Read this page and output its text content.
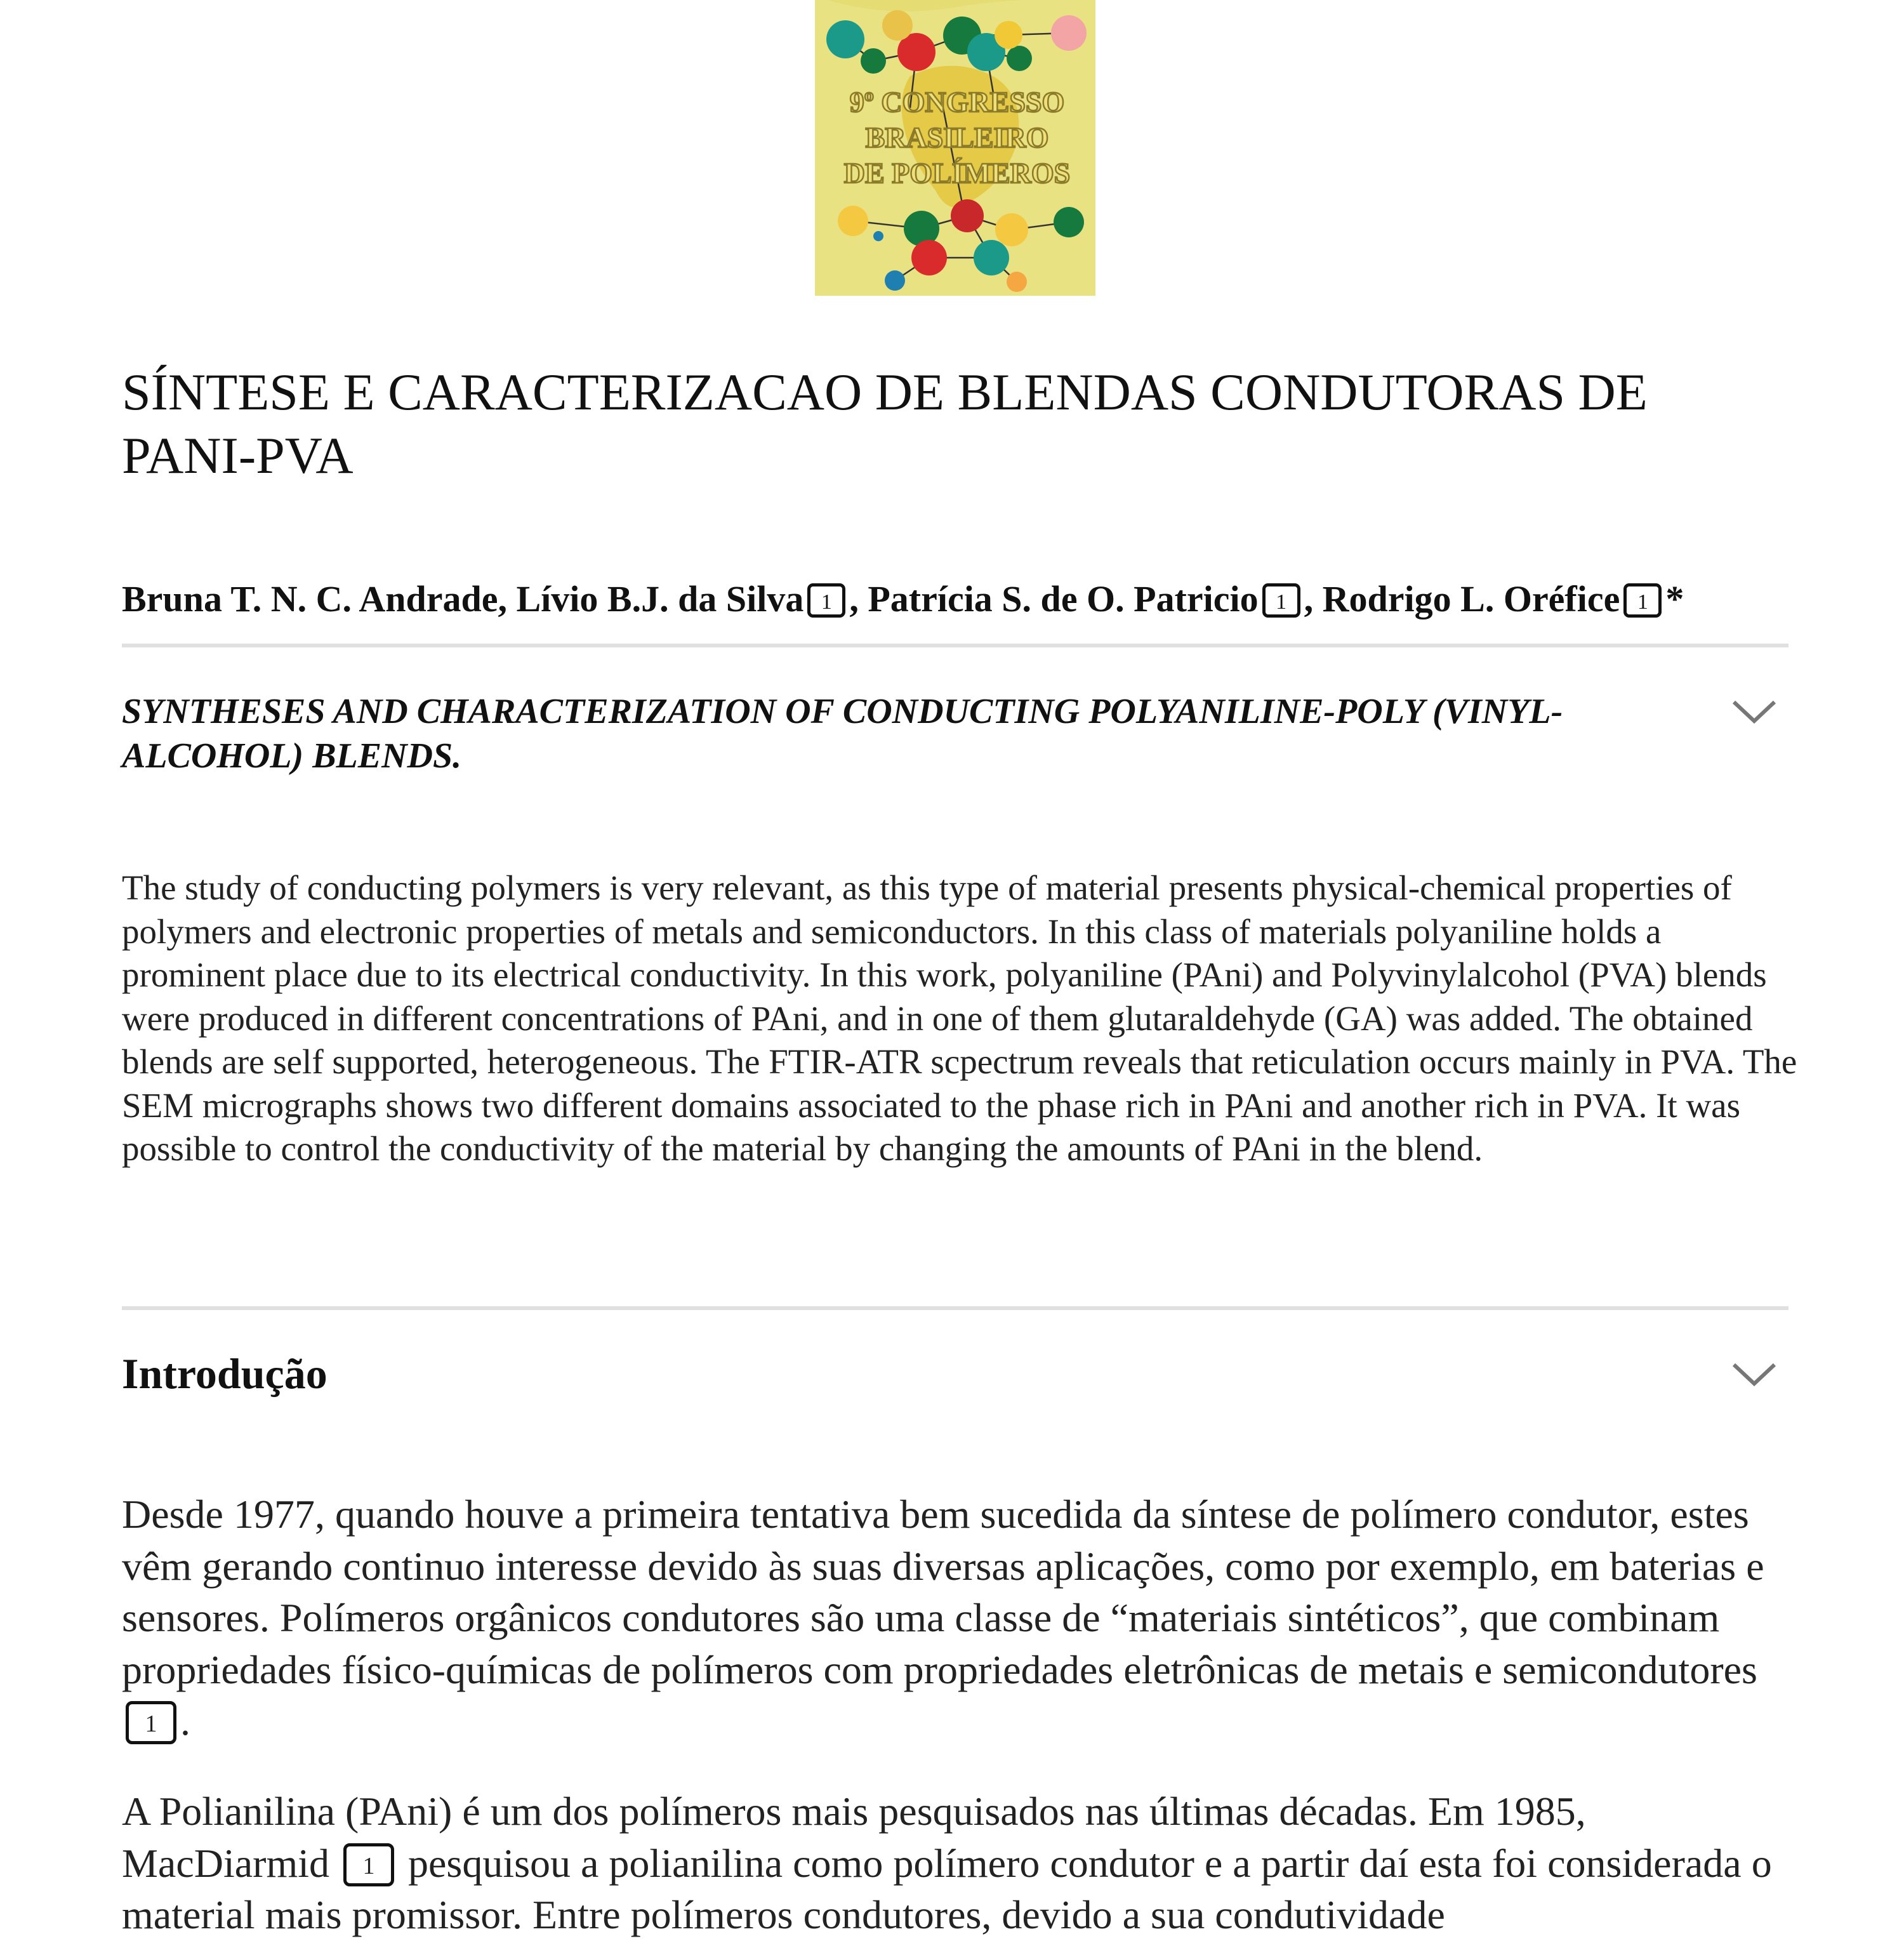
9º CONGRESSO
BRASILEIRO
DE POLÍMEROS
SÍNTESE E CARACTERIZACAO DE BLENDAS CONDUTORAS DE PANI-PVA
Bruna T. N. C. Andrade, Lívio B.J. da Silva 1 , Patrícia S. de O. Patricio 1 , Rodrigo L. Oréfice 1 *

SYNTHESES AND CHARACTERIZATION OF CONDUCTING POLYANILINE-POLY (VINYL-ALCOHOL) BLENDS.

The study of conducting polymers is very relevant, as this type of material presents physical-chemical properties of polymers and electronic properties of metals and semiconductors. In this class of materials polyaniline holds a prominent place due to its electrical conductivity. In this work, polyaniline (PAni) and Polyvinylalcohol (PVA) blends were produced in different concentrations of PAni, and in one of them glutaraldehyde (GA) was added. The obtained blends are self supported, heterogeneous. The FTIR-ATR scpectrum reveals that reticulation occurs mainly in PVA. The SEM micrographs shows two different domains associated to the phase rich in PAni and another rich in PVA. It was possible to control the conductivity of the material by changing the amounts of PAni in the blend.

Introdução

Desde 1977, quando houve a primeira tentativa bem sucedida da síntese de polímero condutor, estes vêm gerando continuo interesse devido às suas diversas aplicações, como por exemplo, em baterias e sensores. Polímeros orgânicos condutores são uma classe de “materiais sintéticos”, que combinam propriedades físico-químicas de polímeros com propriedades eletrônicas de metais e semicondutores1 .

A Polianilina (PAni) é um dos polímeros mais pesquisados nas últimas décadas. Em 1985, MacDiarmid 1 pesquisou a polianilina como polímero condutor e a partir daí esta foi considerada o material mais promissor. Entre polímeros condutores, devido a sua condutividade
